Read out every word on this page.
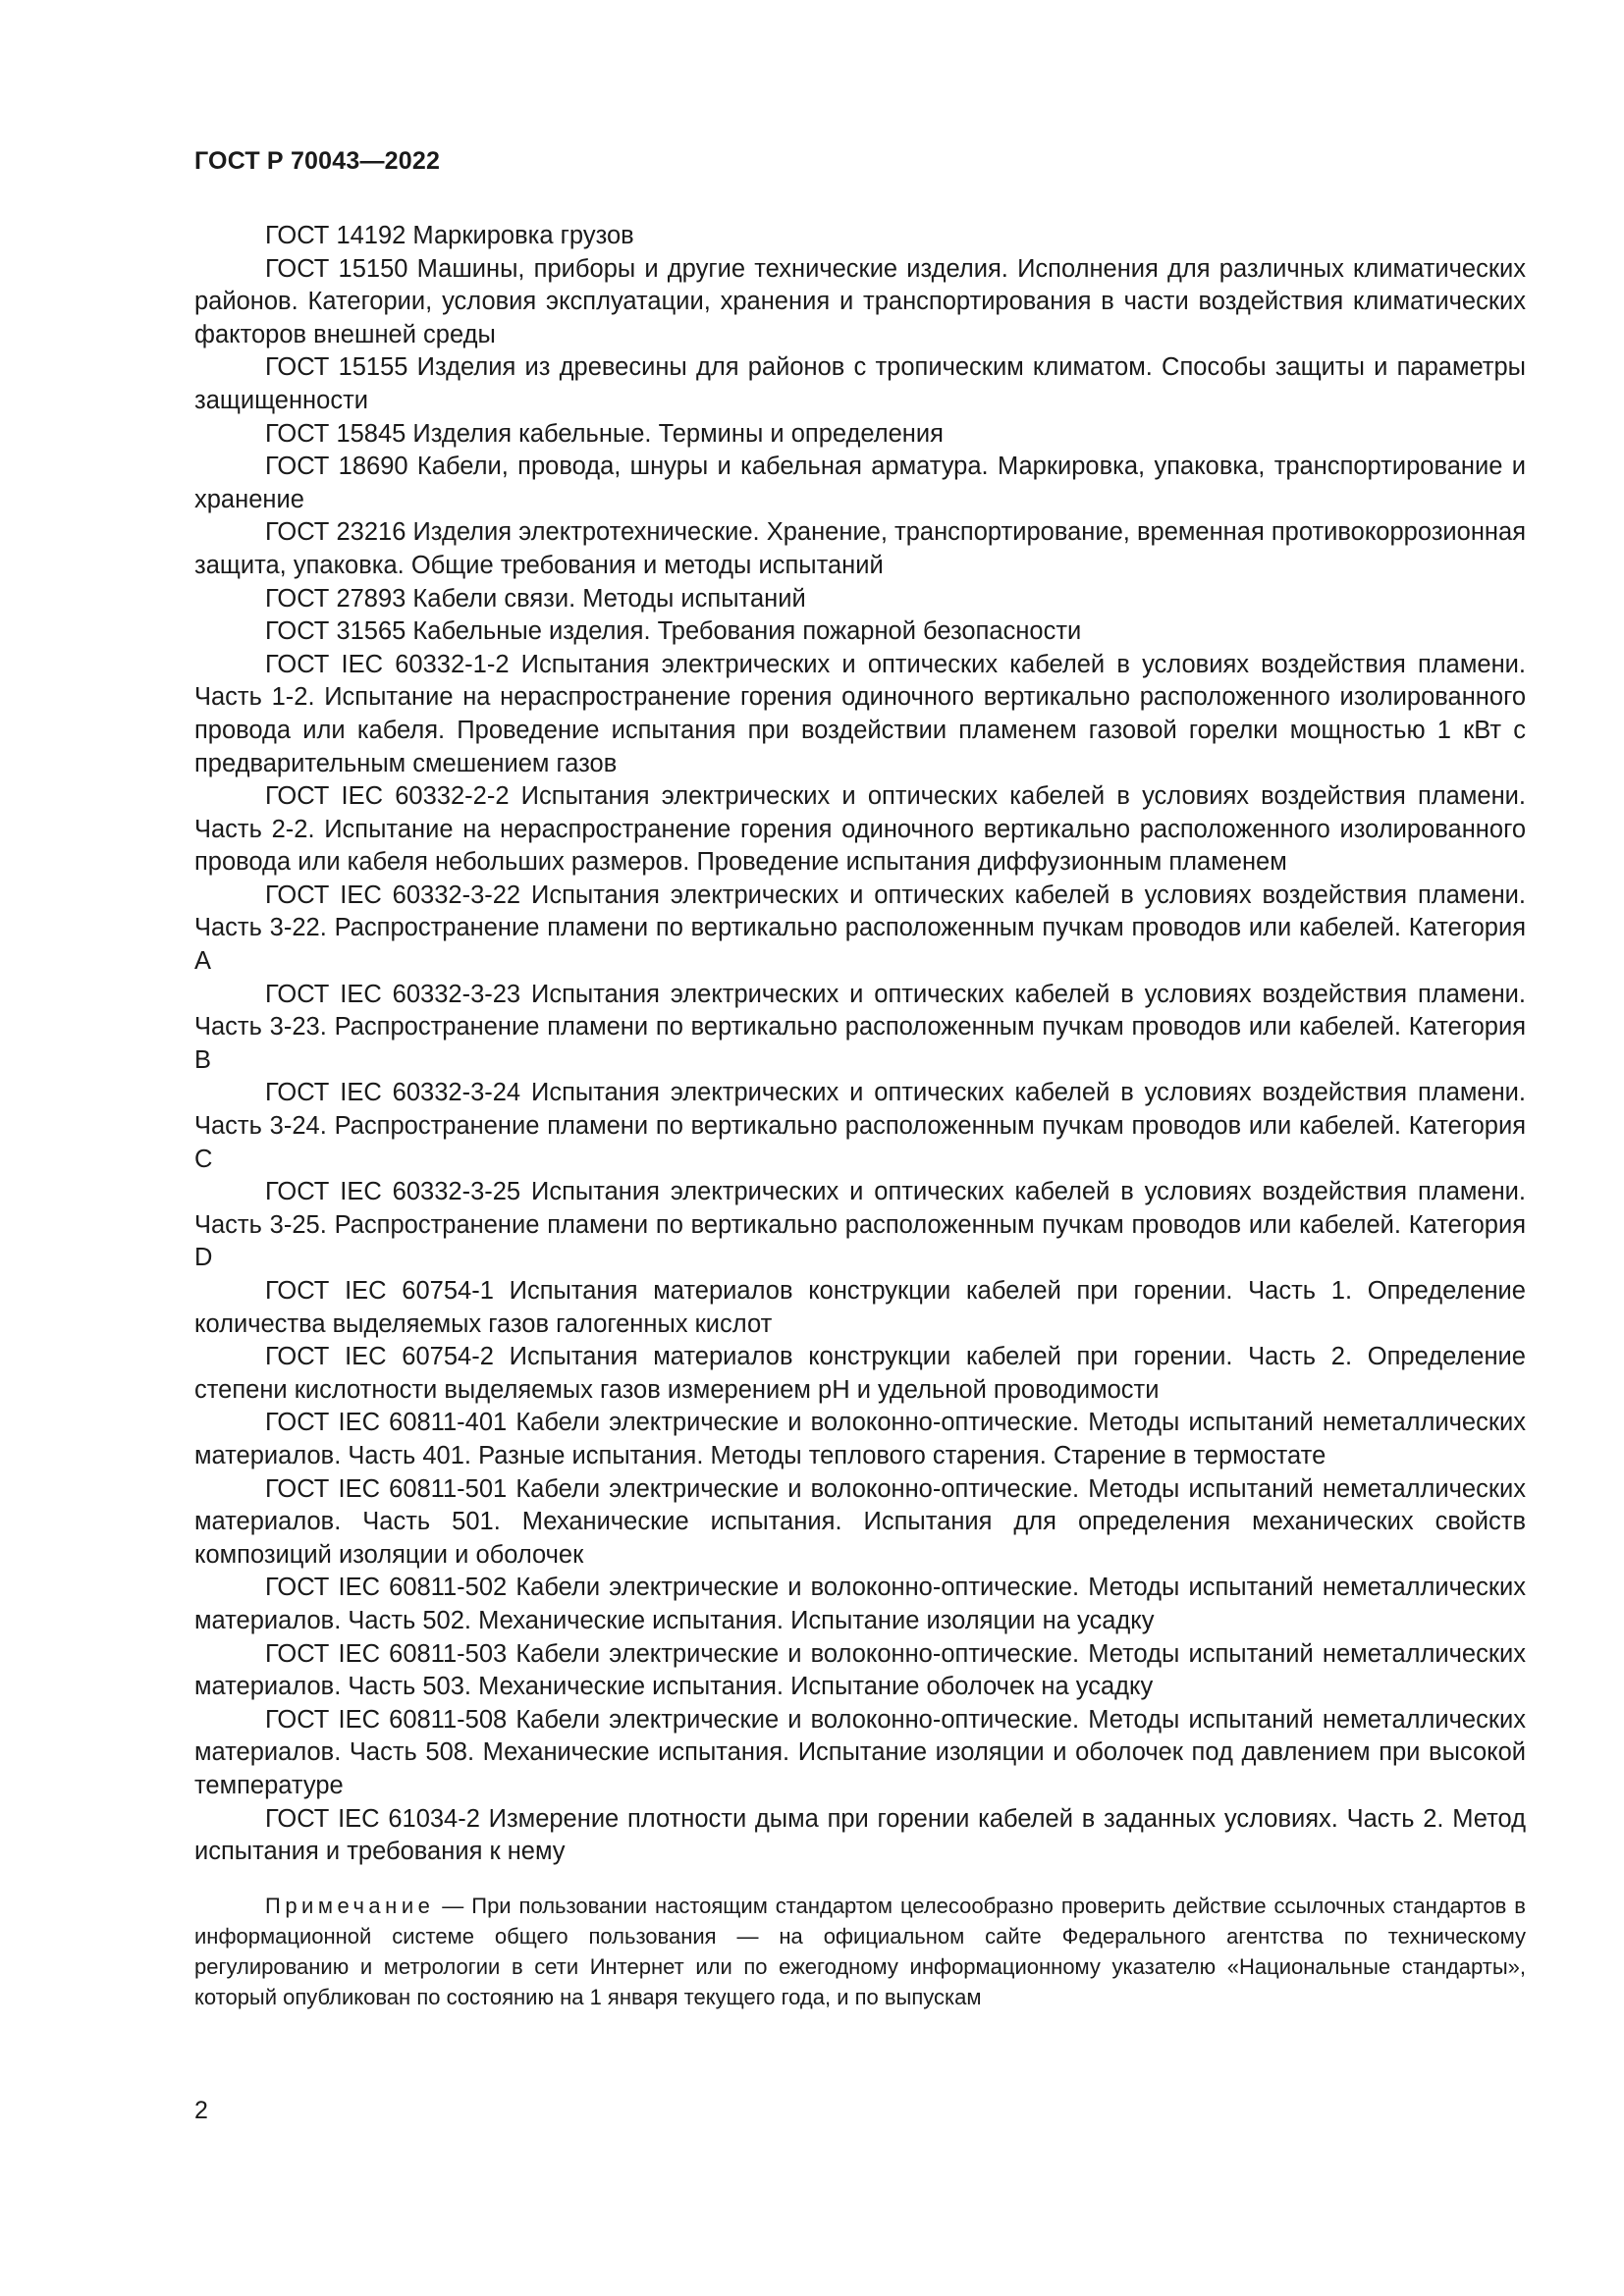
ГОСТ Р 70043—2022

ГОСТ 14192 Маркировка грузов

ГОСТ 15150 Машины, приборы и другие технические изделия. Исполнения для различных климатических районов. Категории, условия эксплуатации, хранения и транспортирования в части воздействия климатических факторов внешней среды

ГОСТ 15155 Изделия из древесины для районов с тропическим климатом. Способы защиты и параметры защищенности

ГОСТ 15845 Изделия кабельные. Термины и определения

ГОСТ 18690 Кабели, провода, шнуры и кабельная арматура. Маркировка, упаковка, транспортирование и хранение

ГОСТ 23216 Изделия электротехнические. Хранение, транспортирование, временная противокоррозионная защита, упаковка. Общие требования и методы испытаний

ГОСТ 27893 Кабели связи. Методы испытаний

ГОСТ 31565 Кабельные изделия. Требования пожарной безопасности

ГОСТ IEC 60332-1-2 Испытания электрических и оптических кабелей в условиях воздействия пламени. Часть 1-2. Испытание на нераспространение горения одиночного вертикально расположенного изолированного провода или кабеля. Проведение испытания при воздействии пламенем газовой горелки мощностью 1 кВт с предварительным смешением газов

ГОСТ IEC 60332-2-2 Испытания электрических и оптических кабелей в условиях воздействия пламени. Часть 2-2. Испытание на нераспространение горения одиночного вертикально расположенного изолированного провода или кабеля небольших размеров. Проведение испытания диффузионным пламенем

ГОСТ IEC 60332-3-22 Испытания электрических и оптических кабелей в условиях воздействия пламени. Часть 3-22. Распространение пламени по вертикально расположенным пучкам проводов или кабелей. Категория А

ГОСТ IEC 60332-3-23 Испытания электрических и оптических кабелей в условиях воздействия пламени. Часть 3-23. Распространение пламени по вертикально расположенным пучкам проводов или кабелей. Категория В

ГОСТ IEC 60332-3-24 Испытания электрических и оптических кабелей в условиях воздействия пламени. Часть 3-24. Распространение пламени по вертикально расположенным пучкам проводов или кабелей. Категория С

ГОСТ IEC 60332-3-25 Испытания электрических и оптических кабелей в условиях воздействия пламени. Часть 3-25. Распространение пламени по вертикально расположенным пучкам проводов или кабелей. Категория D

ГОСТ IEC 60754-1 Испытания материалов конструкции кабелей при горении. Часть 1. Определение количества выделяемых газов галогенных кислот

ГОСТ IEC 60754-2 Испытания материалов конструкции кабелей при горении. Часть 2. Определение степени кислотности выделяемых газов измерением pH и удельной проводимости

ГОСТ IEC 60811-401 Кабели электрические и волоконно-оптические. Методы испытаний неметаллических материалов. Часть 401. Разные испытания. Методы теплового старения. Старение в термостате

ГОСТ IEC 60811-501 Кабели электрические и волоконно-оптические. Методы испытаний неметаллических материалов. Часть 501. Механические испытания. Испытания для определения механических свойств композиций изоляции и оболочек

ГОСТ IEC 60811-502 Кабели электрические и волоконно-оптические. Методы испытаний неметаллических материалов. Часть 502. Механические испытания. Испытание изоляции на усадку

ГОСТ IEC 60811-503 Кабели электрические и волоконно-оптические. Методы испытаний неметаллических материалов. Часть 503. Механические испытания. Испытание оболочек на усадку

ГОСТ IEC 60811-508 Кабели электрические и волоконно-оптические. Методы испытаний неметаллических материалов. Часть 508. Механические испытания. Испытание изоляции и оболочек под давлением при высокой температуре

ГОСТ IEC 61034-2 Измерение плотности дыма при горении кабелей в заданных условиях. Часть 2. Метод испытания и требования к нему

Примечание — При пользовании настоящим стандартом целесообразно проверить действие ссылочных стандартов в информационной системе общего пользования — на официальном сайте Федерального агентства по техническому регулированию и метрологии в сети Интернет или по ежегодному информационному указателю «Национальные стандарты», который опубликован по состоянию на 1 января текущего года, и по выпускам

2
